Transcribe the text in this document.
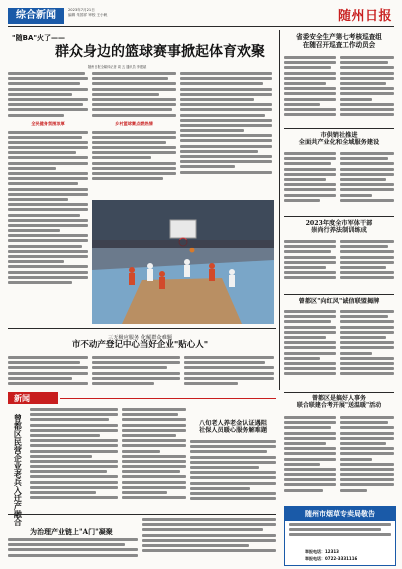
综合新闻	2023年7月21日
编辑 朱国祥 审校 王小帆	随州日报
"随BA"火了——
群众身边的篮球赛事掀起体育欢聚
随州日报全媒体记者 周 五 通讯员 李建斌
全民健身氛围浓厚	乡村篮球赛点燃热情
省委安全生产第七考核巡查组
在随召开巡查工作动员会
市供销社推进
全面共产业化和全域服务建设
2023年度全市军体干部
崇尚行养法制训练成
曾都区"向红风"诚信联盟揭牌
曾都区是搞好人事务
联合联建合考开展"送温暖"活动
三无极应服务 化解群众难题
市不动产登记中心当好企业"贴心人"
新闻
曾都区民营企业老兵入迁产融合	八旬老人养老金认证遇阻
社保人员暖心服务解难题
为治理产业链上"A门"凝聚
随州市烟草专卖局敬告
举报电话：12313
举报电话：0722-3331116
